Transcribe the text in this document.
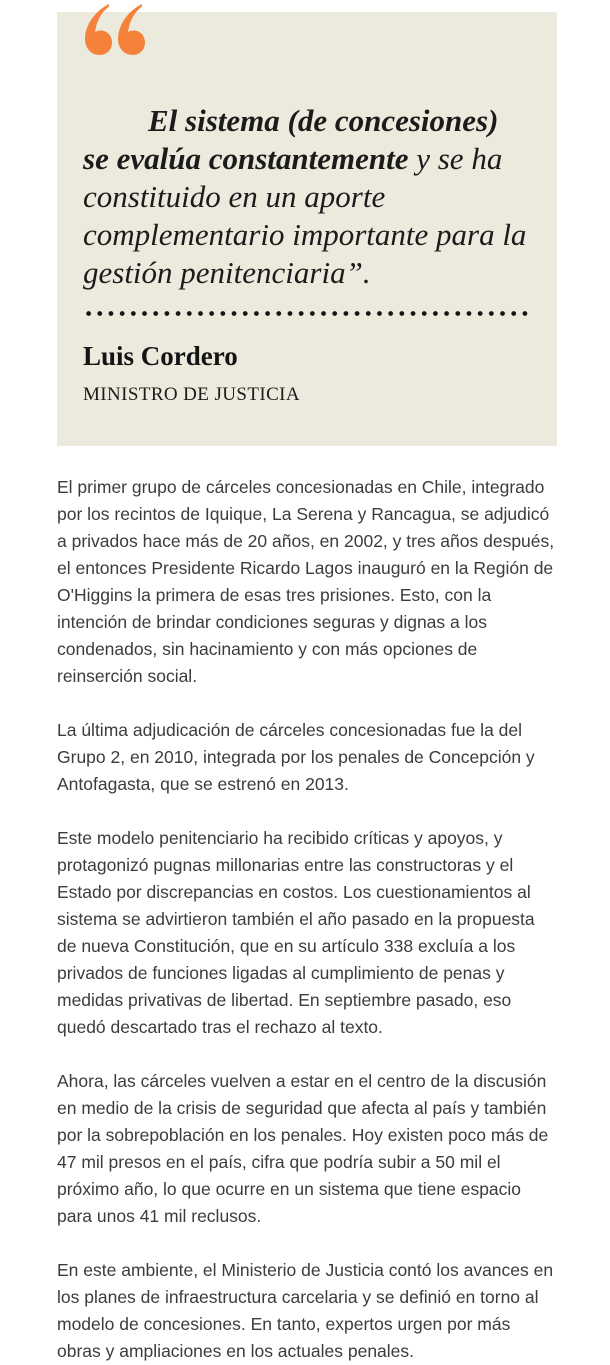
El sistema (de concesiones) se evalúa constantemente y se ha constituido en un aporte complementario importante para la gestión penitenciaria”.

Luis Cordero

MINISTRO DE JUSTICIA

El primer grupo de cárceles concesionadas en Chile, integrado por los recintos de Iquique, La Serena y Rancagua, se adjudicó a privados hace más de 20 años, en 2002, y tres años después, el entonces Presidente Ricardo Lagos inauguró en la Región de O'Higgins la primera de esas tres prisiones. Esto, con la intención de brindar condiciones seguras y dignas a los condenados, sin hacinamiento y con más opciones de reinserción social.

La última adjudicación de cárceles concesionadas fue la del Grupo 2, en 2010, integrada por los penales de Concepción y Antofagasta, que se estrenó en 2013.

Este modelo penitenciario ha recibido críticas y apoyos, y protagonizó pugnas millonarias entre las constructoras y el Estado por discrepancias en costos. Los cuestionamientos al sistema se advirtieron también el año pasado en la propuesta de nueva Constitución, que en su artículo 338 excluía a los privados de funciones ligadas al cumplimiento de penas y medidas privativas de libertad. En septiembre pasado, eso quedó descartado tras el rechazo al texto.

Ahora, las cárceles vuelven a estar en el centro de la discusión en medio de la crisis de seguridad que afecta al país y también por la sobrepoblación en los penales. Hoy existen poco más de 47 mil presos en el país, cifra que podría subir a 50 mil el próximo año, lo que ocurre en un sistema que tiene espacio para unos 41 mil reclusos.

En este ambiente, el Ministerio de Justicia contó los avances en los planes de infraestructura carcelaria y se definió en torno al modelo de concesiones. En tanto, expertos urgen por más obras y ampliaciones en los actuales penales.
